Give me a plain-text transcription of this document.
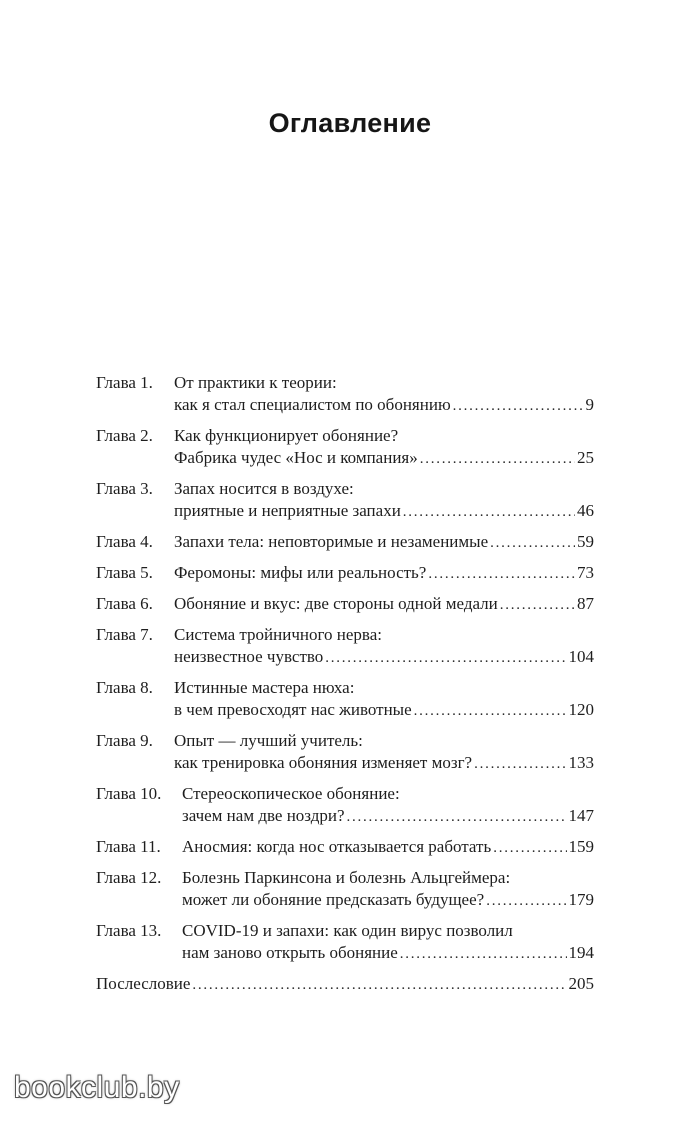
Оглавление
Глава 1.	От практики к теории:
как я стал специалистом по обонянию . . .	9
Глава 2.	Как функционирует обоняние?
Фабрика чудес «Нос и компания» . . .	25
Глава 3.	Запах носится в воздухе:
приятные и неприятные запахи . . .	46
Глава 4.	Запахи тела: неповторимые и незаменимые . . .	59
Глава 5.	Феромоны: мифы или реальность? . . .	73
Глава 6.	Обоняние и вкус: две стороны одной медали . . .	87
Глава 7.	Система тройничного нерва:
неизвестное чувство . . .	104
Глава 8.	Истинные мастера нюха:
в чем превосходят нас животные . . .	120
Глава 9.	Опыт — лучший учитель:
как тренировка обоняния изменяет мозг? . . .	133
Глава 10.	Стереоскопическое обоняние:
зачем нам две ноздри? . . .	147
Глава 11.	Аносмия: когда нос отказывается работать . . .	159
Глава 12.	Болезнь Паркинсона и болезнь Альцгеймера:
может ли обоняние предсказать будущее? . . .	179
Глава 13.	COVID-19 и запахи: как один вирус позволил
нам заново открыть обоняние . . .	194
Послесловие . . .	205
bookclub.by
